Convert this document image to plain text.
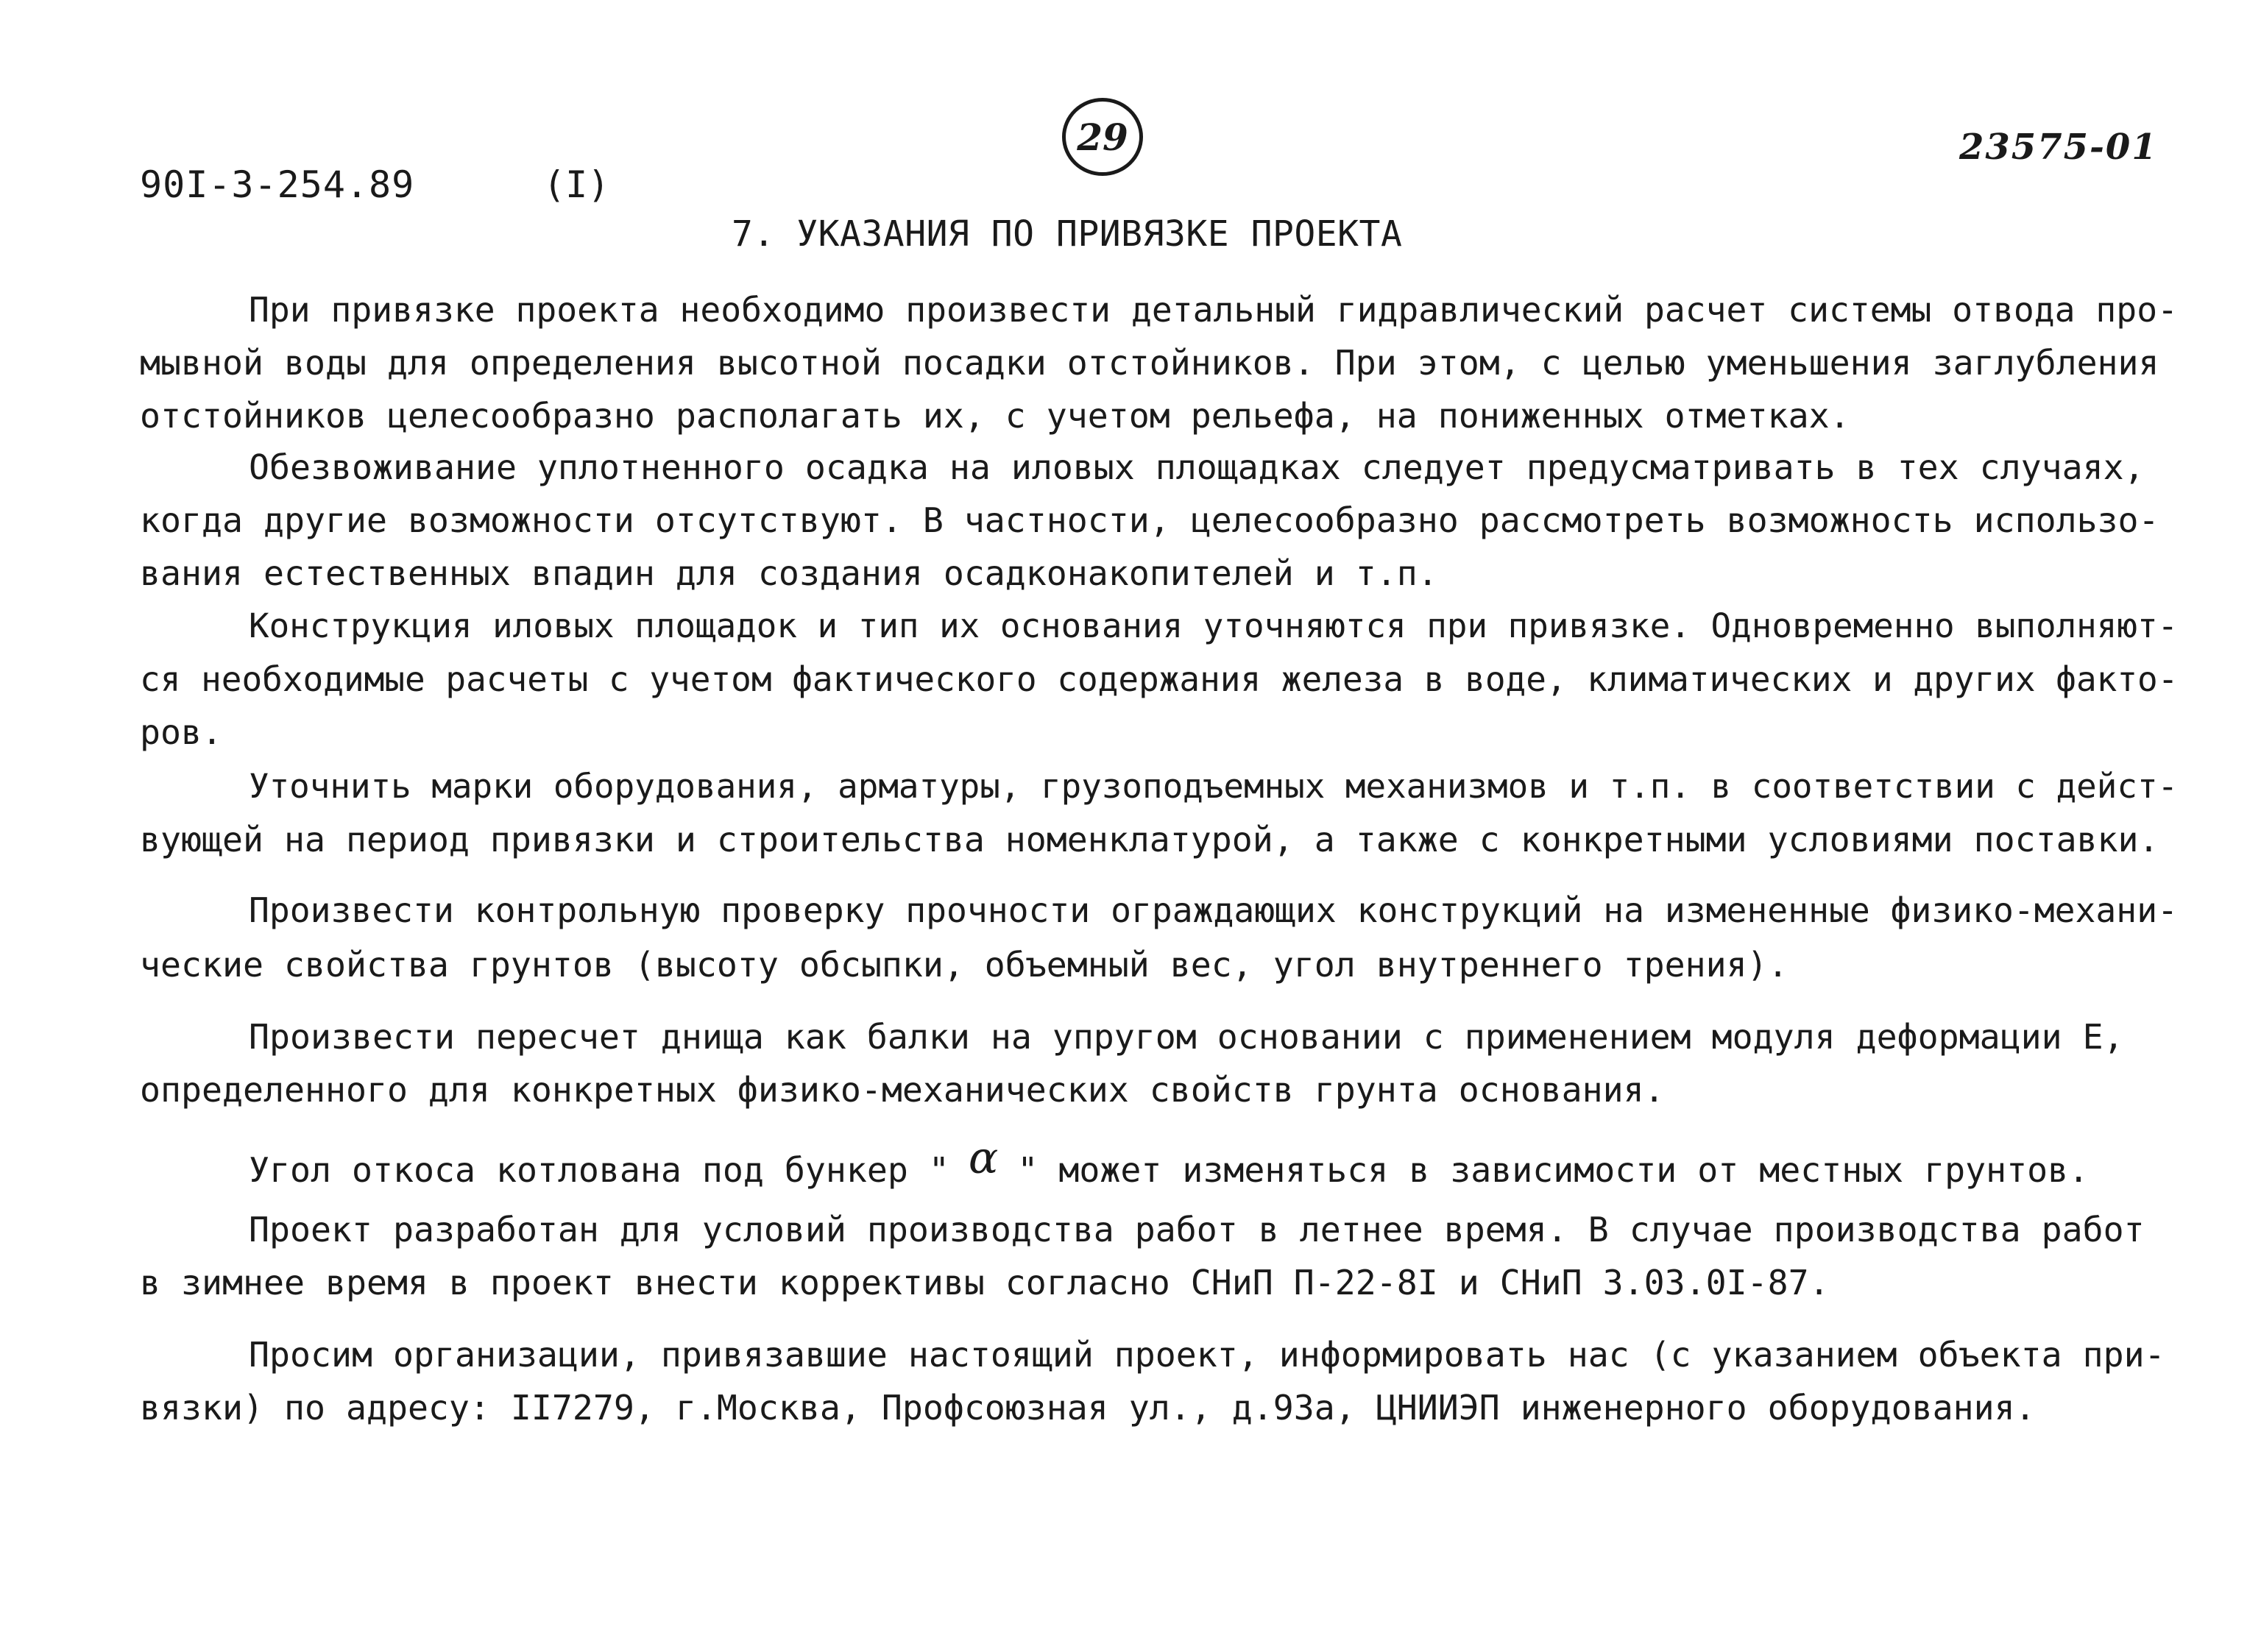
90I-3-254.89	(I)
29	23575-01
7. УКАЗАНИЯ ПО ПРИВЯЗКЕ ПРОЕКТА
При привязке проекта необходимо произвести детальный гидравлический расчет системы отвода про-
мывной воды для определения высотной посадки отстойников. При этом, с целью уменьшения заглубления
отстойников целесообразно располагать их, с учетом рельефа, на пониженных отметках.
Обезвоживание уплотненного осадка на иловых площадках следует предусматривать в тех случаях,
когда другие возможности отсутствуют. В частности, целесообразно рассмотреть возможность использо-
вания естественных впадин для создания осадконакопителей и т.п.
Конструкция иловых площадок и тип их основания уточняются при привязке. Одновременно выполняют-
ся необходимые расчеты с учетом фактического содержания железа в воде, климатических и других факто-
ров.
Уточнить марки оборудования, арматуры, грузоподъемных механизмов и т.п. в соответствии с дейст-
вующей на период привязки и строительства номенклатурой, а также с конкретными условиями поставки.
Произвести контрольную проверку прочности ограждающих конструкций на измененные физико-механи-
ческие свойства грунтов (высоту обсыпки, объемный вес, угол внутреннего трения).
Произвести пересчет днища как балки на упругом основании с применением модуля деформации Е,
определенного для конкретных физико-механических свойств грунта основания.
Угол откоса котлована под бункер " α " может изменяться в зависимости от местных грунтов.
Проект разработан для условий производства работ в летнее время. В случае производства работ
в зимнее время в проект внести коррективы согласно СНиП П-22-8I и СНиП 3.03.0I-87.
Просим организации, привязавшие настоящий проект, информировать нас (с указанием объекта при-
вязки) по адресу: II7279, г.Москва, Профсоюзная ул., д.93а, ЦНИИЭП инженерного оборудования.
